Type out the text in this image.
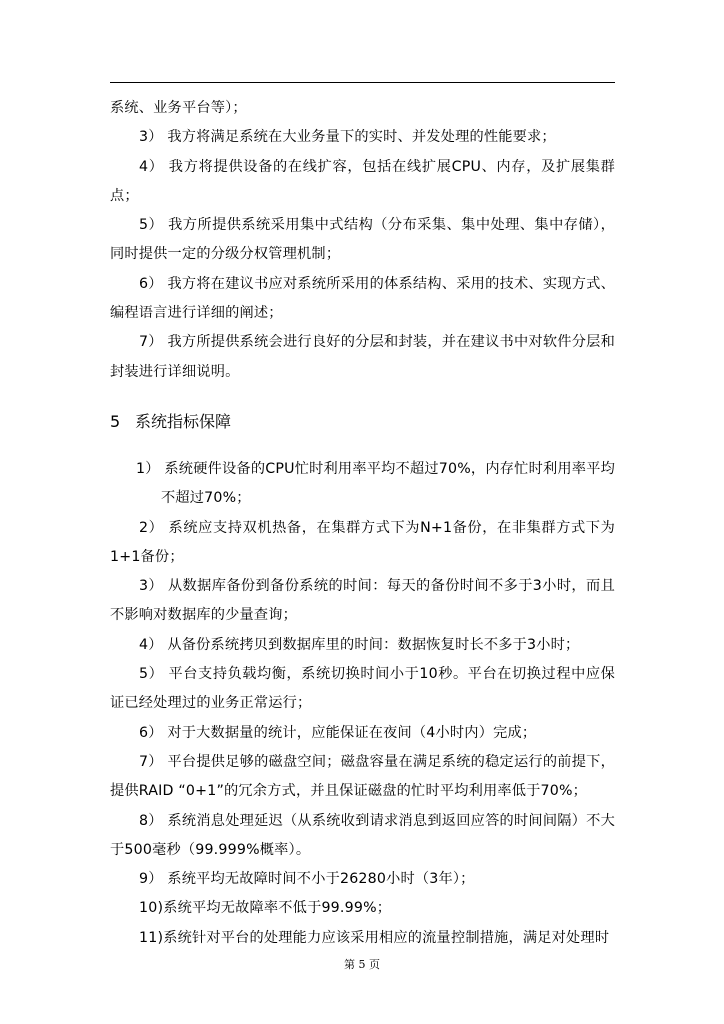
系统、业务平台等）；
3） 我方将满足系统在大业务量下的实时、并发处理的性能要求；
4） 我方将提供设备的在线扩容，包括在线扩展CPU、内存，及扩展集群点；
5） 我方所提供系统采用集中式结构（分布采集、集中处理、集中存储），同时提供一定的分级分权管理机制；
6） 我方将在建议书应对系统所采用的体系结构、采用的技术、实现方式、编程语言进行详细的阐述；
7） 我方所提供系统会进行良好的分层和封装，并在建议书中对软件分层和封装进行详细说明。
5 系统指标保障
1） 系统硬件设备的CPU忙时利用率平均不超过70%，内存忙时利用率平均不超过70%；
2） 系统应支持双机热备，在集群方式下为N+1备份，在非集群方式下为1+1备份；
3） 从数据库备份到备份系统的时间：每天的备份时间不多于3小时，而且不影响对数据库的少量查询；
4） 从备份系统拷贝到数据库里的时间：数据恢复时长不多于3小时；
5） 平台支持负载均衡，系统切换时间小于10秒。平台在切换过程中应保证已经处理过的业务正常运行；
6） 对于大数据量的统计，应能保证在夜间（4小时内）完成；
7） 平台提供足够的磁盘空间；磁盘容量在满足系统的稳定运行的前提下，提供RAID “0+1”的冗余方式，并且保证磁盘的忙时平均利用率低于70%；
8） 系统消息处理延迟（从系统收到请求消息到返回应答的时间间隔）不大于500毫秒（99.999%概率）。
9） 系统平均无故障时间不小于26280小时（3年）；
10)系统平均无故障率不低于99.99%；
11)系统针对平台的处理能力应该采用相应的流量控制措施，满足对处理时
第 5 页
